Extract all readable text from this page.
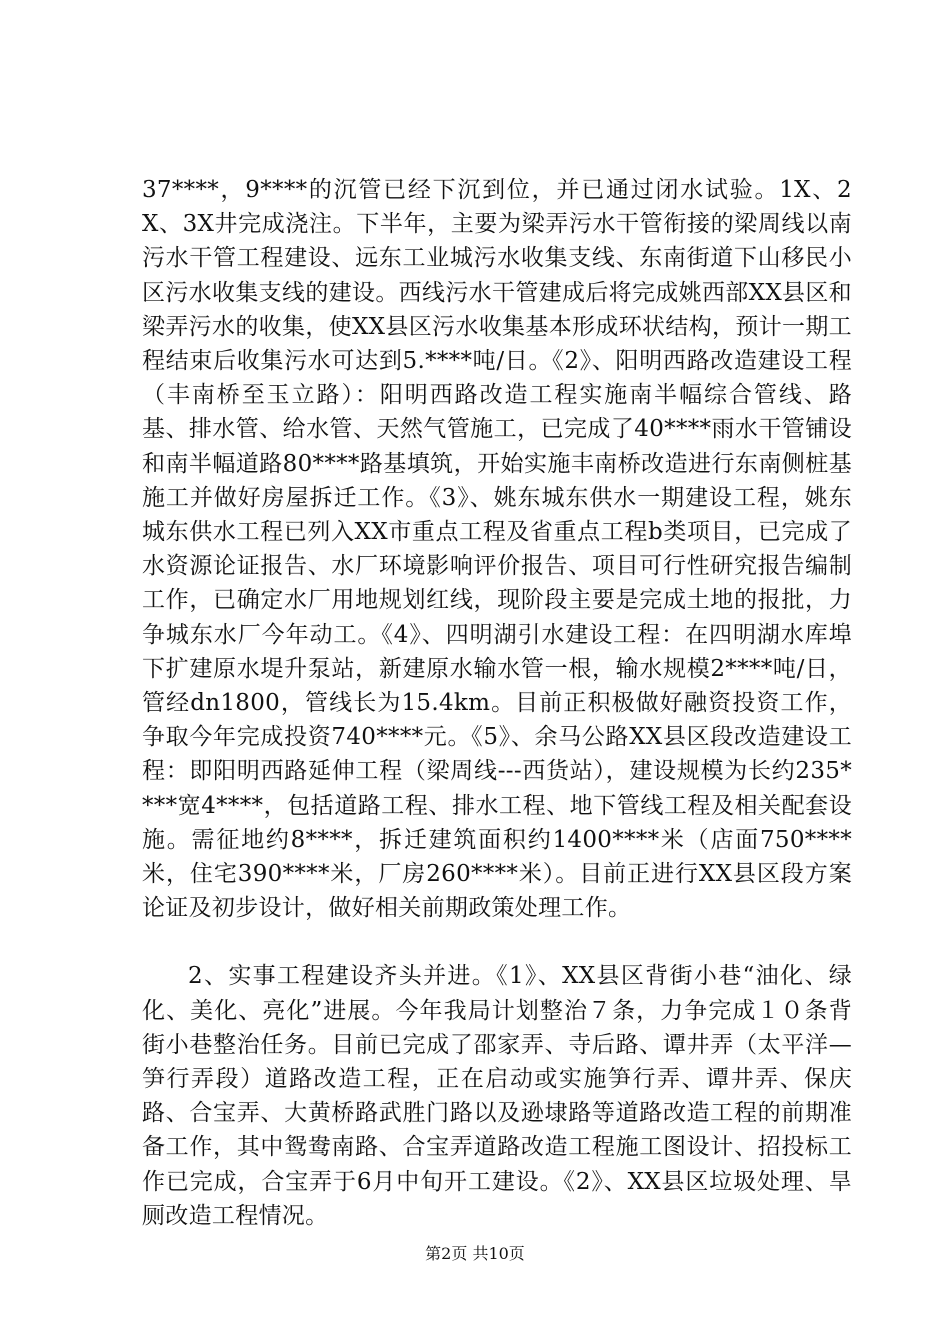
37****，9****的沉管已经下沉到位，并已通过闭水试验。1X、2X、3X井完成浇注。下半年，主要为梁弄污水干管衔接的梁周线以南污水干管工程建设、远东工业城污水收集支线、东南街道下山移民小区污水收集支线的建设。西线污水干管建成后将完成姚西部XX县区和梁弄污水的收集，使XX县区污水收集基本形成环状结构，预计一期工程结束后收集污水可达到5.****吨/日。《2》、阳明西路改造建设工程（丰南桥至玉立路）：阳明西路改造工程实施南半幅综合管线、路基、排水管、给水管、天然气管施工，已完成了40****雨水干管铺设和南半幅道路80****路基填筑，开始实施丰南桥改造进行东南侧桩基施工并做好房屋拆迁工作。《3》、姚东城东供水一期建设工程，姚东城东供水工程已列入XX市重点工程及省重点工程b类项目，已完成了水资源论证报告、水厂环境影响评价报告、项目可行性研究报告编制工作，已确定水厂用地规划红线，现阶段主要是完成土地的报批，力争城东水厂今年动工。《4》、四明湖引水建设工程：在四明湖水库埠下扩建原水堤升泵站，新建原水输水管一根，输水规模2****吨/日，管经dn1800，管线长为15.4km。目前正积极做好融资投资工作，争取今年完成投资740****元。《5》、余马公路XX县区段改造建设工程：即阳明西路延伸工程（梁周线---西货站），建设规模为长约235****宽4****，包括道路工程、排水工程、地下管线工程及相关配套设施。需征地约8****，拆迁建筑面积约1400****米（店面750****米，住宅390****米，厂房260****米）。目前正进行XX县区段方案论证及初步设计，做好相关前期政策处理工作。

2、实事工程建设齐头并进。《1》、XX县区背街小巷“油化、绿化、美化、亮化”进展。今年我局计划整治７条，力争完成１０条背街小巷整治任务。目前已完成了邵家弄、寺后路、谭井弄（太平洋—笋行弄段）道路改造工程，正在启动或实施笋行弄、谭井弄、保庆路、合宝弄、大黄桥路武胜门路以及逊埭路等道路改造工程的前期准备工作，其中鸳鸯南路、合宝弄道路改造工程施工图设计、招投标工作已完成，合宝弄于6月中旬开工建设。《2》、XX县区垃圾处理、旱厕改造工程情况。

第2页 共10页
